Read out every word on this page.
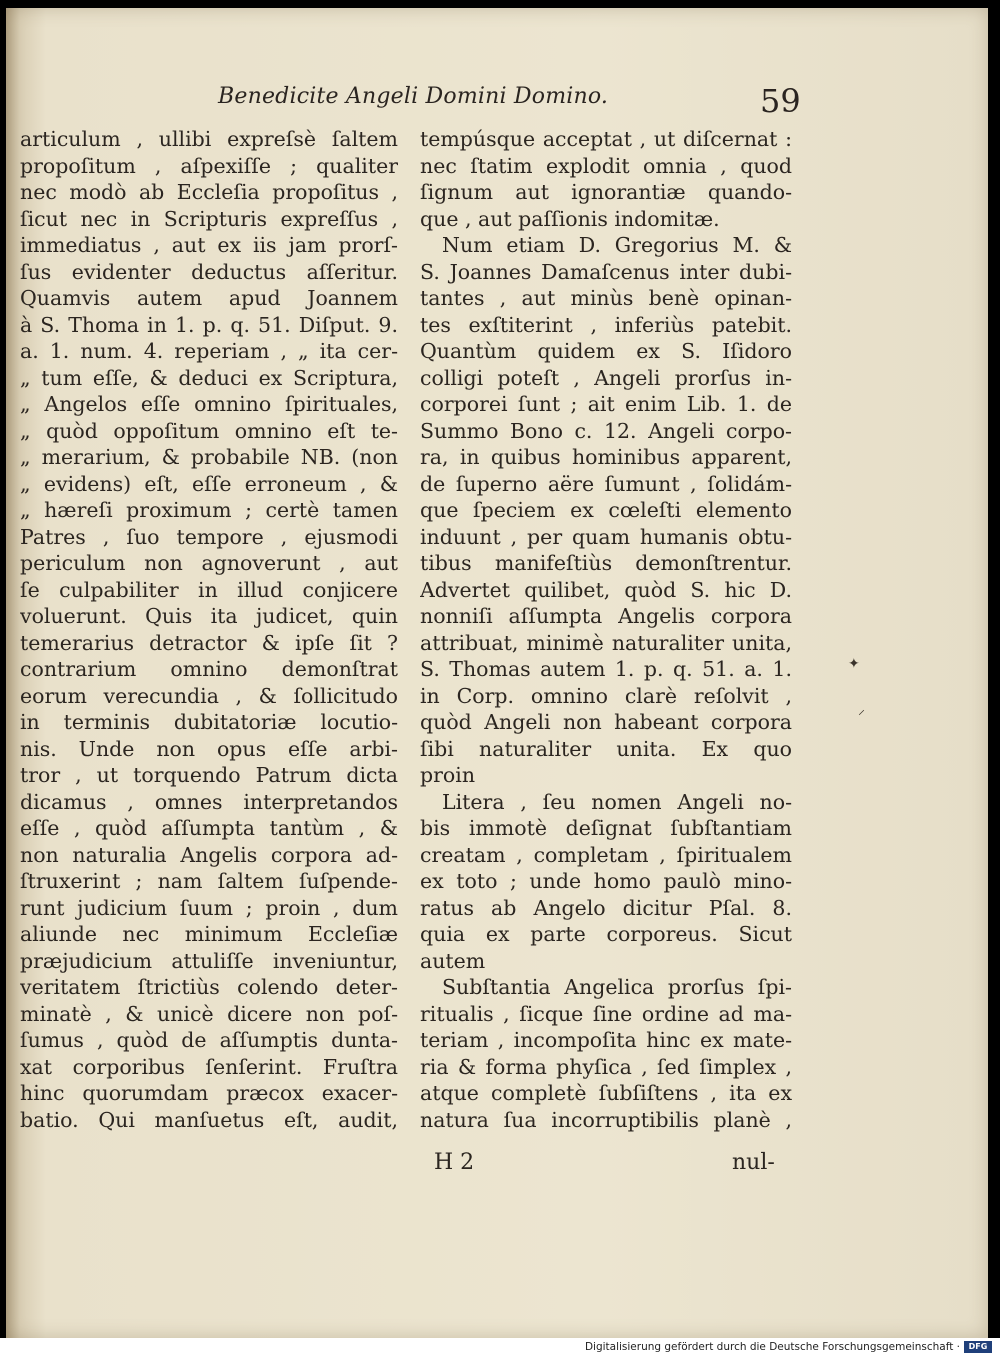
Benedicite Angeli Domini Domino.	59
articulum , ullibi expreſsè ſaltem
propoſitum , aſpexiſſe ; qualiter
nec modò ab Eccleſia propoſitus ,
ſicut nec in Scripturis expreſſus ,
immediatus , aut ex iis jam prorſ-
ſus evidenter deductus aſſeritur.
Quamvis autem apud Joannem
à S. Thoma in 1. p. q. 51. Diſput. 9.
a. 1. num. 4. reperiam , „ ita cer-
„ tum eſſe, & deduci ex Scriptura,
„ Angelos eſſe omnino ſpirituales,
„ quòd oppoſitum omnino eſt te-
„ merarium, & probabile NB. (non
„ evidens) eſt, eſſe erroneum , &
„ hæreſi proximum ; certè tamen
Patres , ſuo tempore , ejusmodi
periculum non agnoverunt , aut
ſe culpabiliter in illud conjicere
voluerunt. Quis ita judicet, quin
temerarius detractor & ipſe ſit ?
contrarium omnino demonſtrat
eorum verecundia , & ſollicitudo
in terminis dubitatoriæ locutio-
nis. Unde non opus eſſe arbi-
tror , ut torquendo Patrum dicta
dicamus , omnes interpretandos
eſſe , quòd aſſumpta tantùm , &
non naturalia Angelis corpora ad-
ſtruxerint ; nam ſaltem ſuſpende-
runt judicium ſuum ; proin , dum
aliunde nec minimum Eccleſiæ
præjudicium attuliſſe inveniuntur,
veritatem ſtrictiùs colendo deter-
minatè , & unicè dicere non poſ-
ſumus , quòd de aſſumptis dunta-
xat corporibus ſenſerint. Fruſtra
hinc quorumdam præcox exacer-
batio. Qui manſuetus eſt, audit,
tempúsque acceptat , ut diſcernat :
nec ſtatim explodit omnia , quod
ſignum aut ignorantiæ quando-
que , aut paſſionis indomitæ.
Num etiam D. Gregorius M. &
S. Joannes Damaſcenus inter dubi-
tantes , aut minùs benè opinan-
tes exſtiterint , inferiùs patebit.
Quantùm quidem ex S. Iſidoro
colligi poteſt , Angeli prorſus in-
corporei ſunt ; ait enim Lib. 1. de
Summo Bono c. 12. Angeli corpo-
ra, in quibus hominibus apparent,
de ſuperno aëre ſumunt , ſolidám-
que ſpeciem ex cœleſti elemento
induunt , per quam humanis obtu-
tibus manifeſtiùs demonſtrentur.
Advertet quilibet, quòd S. hic D.
nonniſi aſſumpta Angelis corpora
attribuat, minimè naturaliter unita,
S. Thomas autem 1. p. q. 51. a. 1.
in Corp. omnino clarè reſolvit ,
quòd Angeli non habeant corpora
ſibi naturaliter unita. Ex quo
proin
Litera , ſeu nomen Angeli no-
bis immotè deſignat ſubſtantiam
creatam , completam , ſpiritualem
ex toto ; unde homo paulò mino-
ratus ab Angelo dicitur Pſal. 8.
quia ex parte corporeus. Sicut
autem
Subſtantia Angelica prorſus ſpi-
ritualis , ſicque ſine ordine ad ma-
teriam , incompoſita hinc ex mate-
ria & forma phyſica , ſed ſimplex ,
atque completè ſubſiſtens , ita ex
natura ſua incorruptibilis planè ,
H 2	nul-
✦
⸝
Digitalisierung gefördert durch die Deutsche Forschungsgemeinschaft ·	DFG
